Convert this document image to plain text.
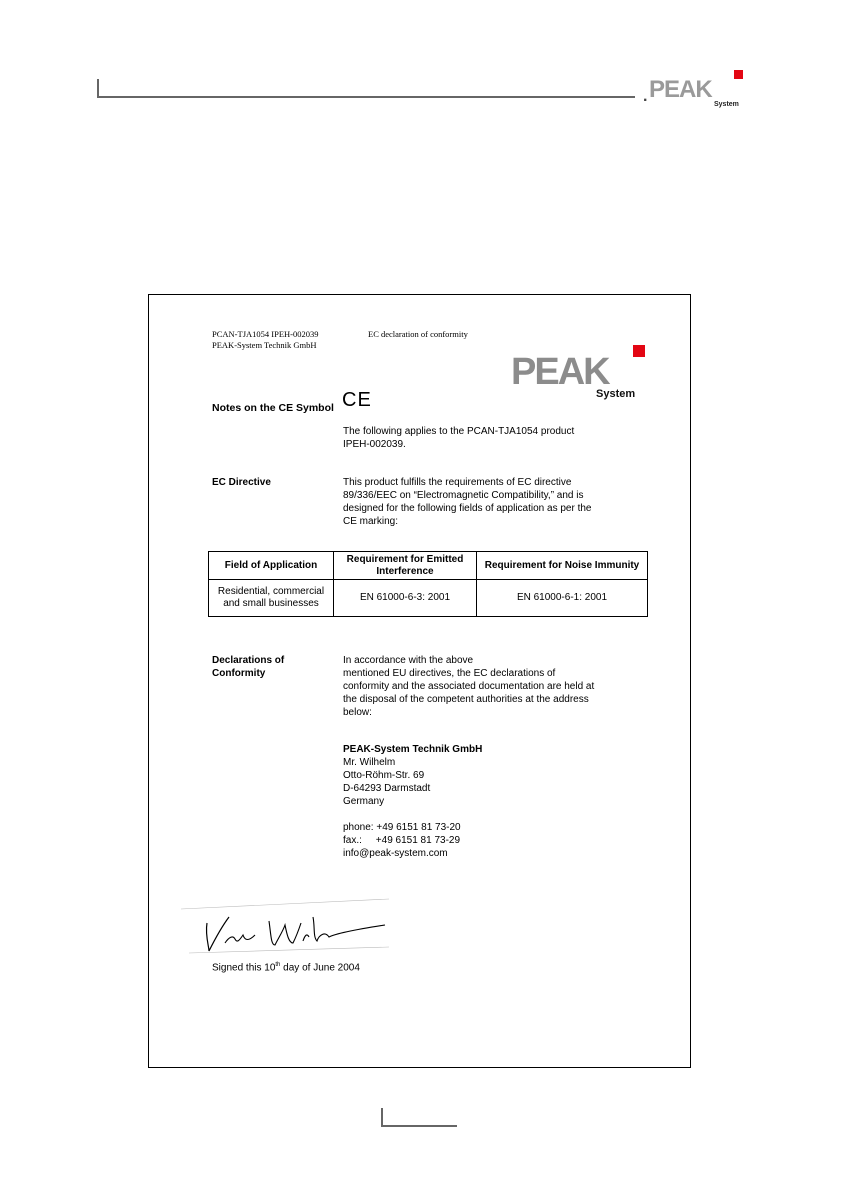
. PEAK
System
PCAN-TJA1054 IPEH-002039
PEAK-System Technik GmbH
EC declaration of conformity
PEAK
System
Notes on the CE Symbol CE
The following applies to the PCAN-TJA1054 product
IPEH-002039.
EC Directive	This product fulfills the requirements of EC directive
89/336/EEC on “Electromagnetic Compatibility,” and is
designed for the following fields of application as per the
CE marking:
Field of Application	Requirement for Emitted Interference	Requirement for Noise Immunity
Residential, commercial and small businesses	EN 61000-6-3: 2001	EN 61000-6-1: 2001
Declarations of
Conformity
In accordance with the above
mentioned EU directives, the EC declarations of
conformity and the associated documentation are held at
the disposal of the competent authorities at the address
below:
PEAK-System Technik GmbH
Mr. Wilhelm
Otto-Röhm-Str. 69
D-64293 Darmstadt
Germany
phone: +49 6151 81 73-20
fax.:     +49 6151 81 73-29
info@peak-system.com
Signed this 10th day of June 2004
